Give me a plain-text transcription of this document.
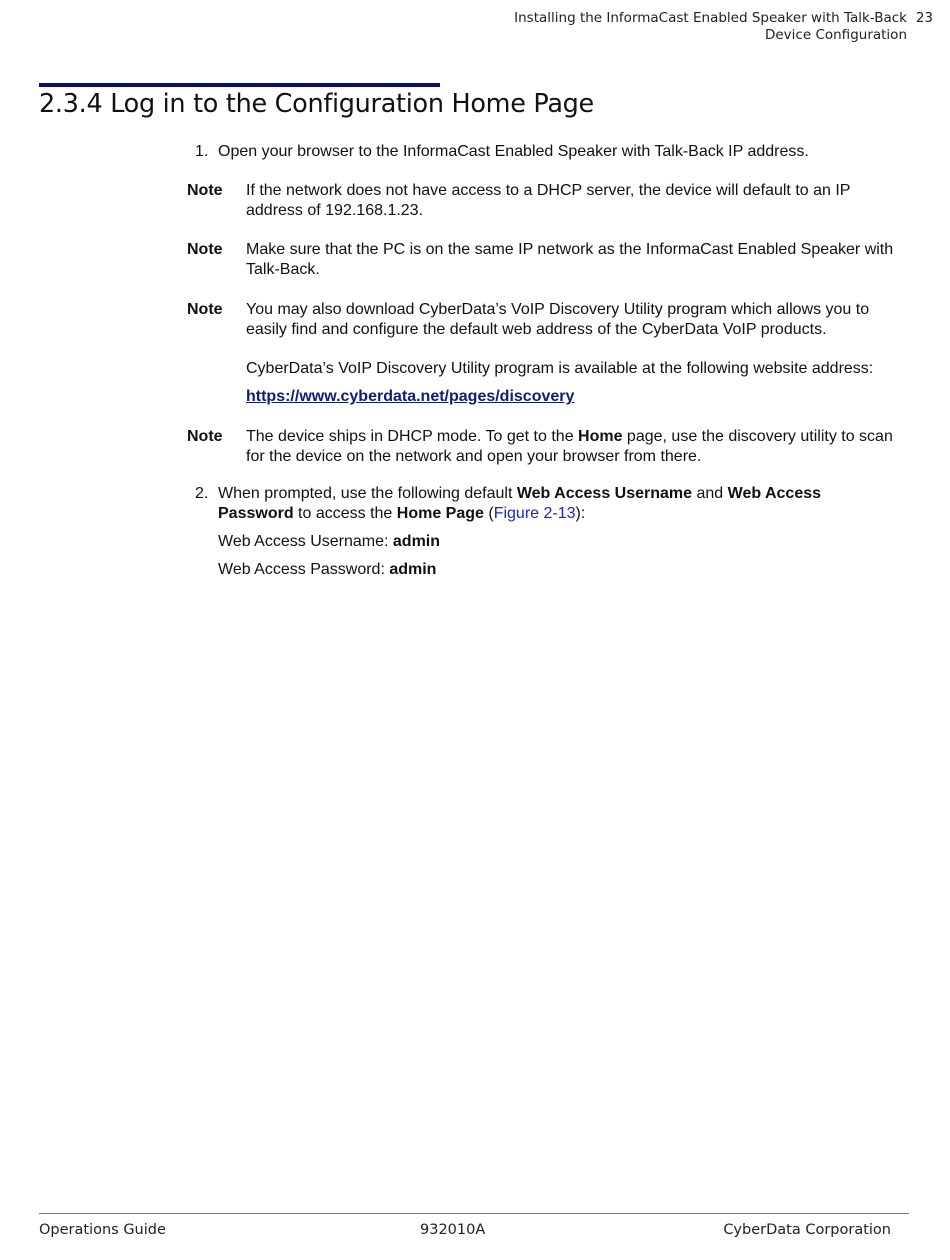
Installing the InformaCast Enabled Speaker with Talk-Back 23
Device Configuration
2.3.4 Log in to the Configuration Home Page
1. Open your browser to the InformaCast Enabled Speaker with Talk-Back IP address.
Note If the network does not have access to a DHCP server, the device will default to an IP address of 192.168.1.23.
Note Make sure that the PC is on the same IP network as the InformaCast Enabled Speaker with Talk-Back.
Note You may also download CyberData’s VoIP Discovery Utility program which allows you to easily find and configure the default web address of the CyberData VoIP products.
CyberData’s VoIP Discovery Utility program is available at the following website address:
https://www.cyberdata.net/pages/discovery
Note The device ships in DHCP mode. To get to the Home page, use the discovery utility to scan for the device on the network and open your browser from there.
2. When prompted, use the following default Web Access Username and Web Access Password to access the Home Page (Figure 2-13):
Web Access Username: admin
Web Access Password: admin
Operations Guide	932010A	CyberData Corporation
